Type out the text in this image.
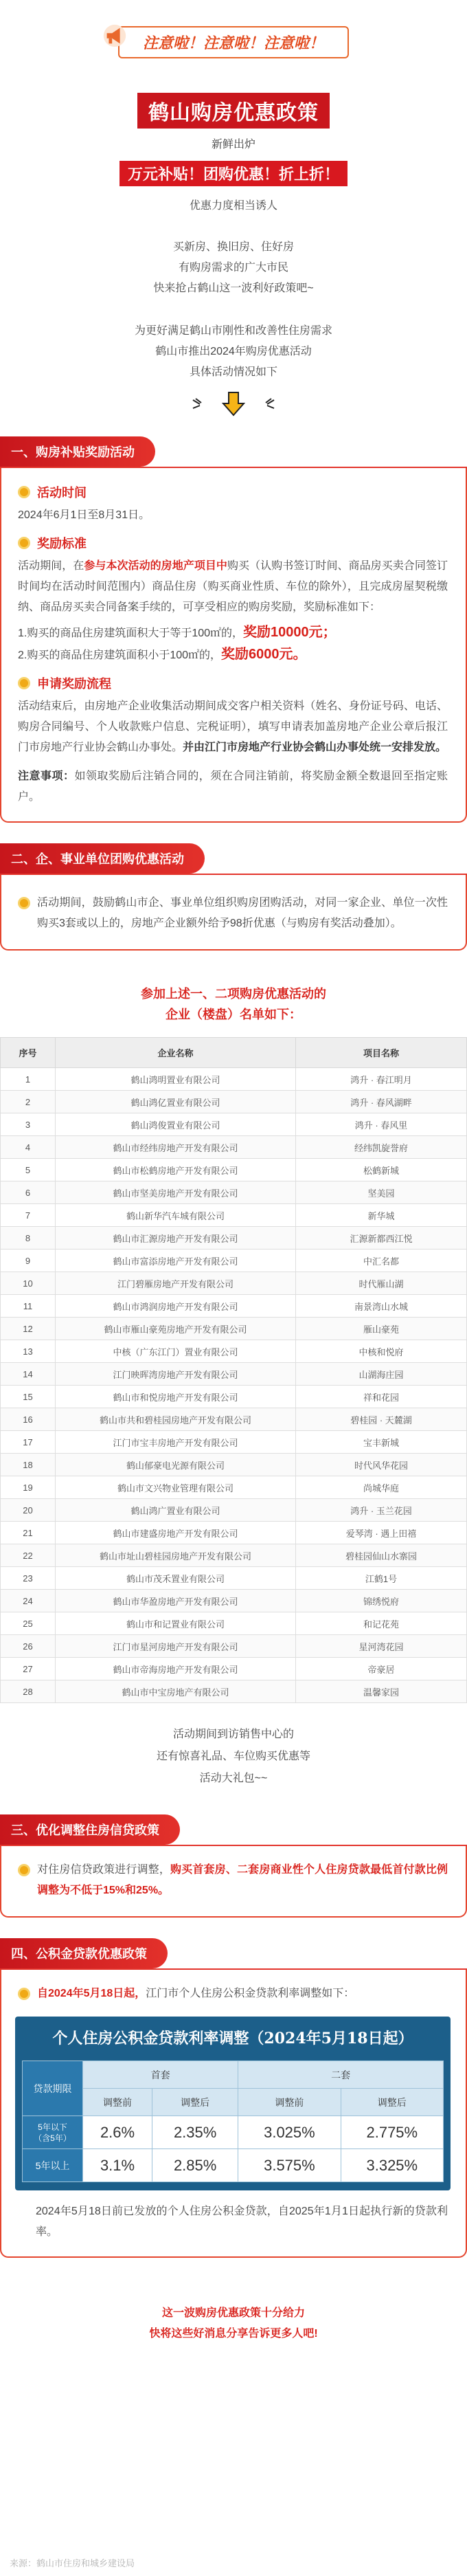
注意啦！注意啦！注意啦！
鹤山购房优惠政策
新鲜出炉
万元补贴！团购优惠！折上折！
优惠力度相当诱人
买新房、换旧房、住好房
有购房需求的广大市民
快来抢占鹤山这一波利好政策吧~
为更好满足鹤山市刚性和改善性住房需求
鹤山市推出2024年购房优惠活动
具体活动情况如下
一、购房补贴奖励活动
活动时间
2024年6月1日至8月31日。
奖励标准
活动期间，在参与本次活动的房地产项目中购买（认购书签订时间、商品房买卖合同签订时间均在活动时间范围内）商品住房（购买商业性质、车位的除外），且完成房屋契税缴纳、商品房买卖合同备案手续的，可享受相应的购房奖励，奖励标准如下：
1.购买的商品住房建筑面积大于等于100㎡的，奖励10000元；
2.购买的商品住房建筑面积小于100㎡的，奖励6000元。
申请奖励流程
活动结束后，由房地产企业收集活动期间成交客户相关资料（姓名、身份证号码、电话、购房合同编号、个人收款账户信息、完税证明），填写申请表加盖房地产企业公章后报江门市房地产行业协会鹤山办事处。并由江门市房地产行业协会鹤山办事处统一安排发放。
注意事项：如领取奖励后注销合同的，须在合同注销前，将奖励金额全数退回至指定账户。
二、企、事业单位团购优惠活动
活动期间，鼓励鹤山市企、事业单位组织购房团购活动，对同一家企业、单位一次性购买3套或以上的，房地产企业额外给予98折优惠（与购房有奖活动叠加）。
参加上述一、二项购房优惠活动的
企业（楼盘）名单如下：
序号	企业名称	项目名称
1	鹤山鸿明置业有限公司	鸿升 · 春江明月
2	鹤山鸿亿置业有限公司	鸿升 · 春风湖畔
3	鹤山鸿俊置业有限公司	鸿升 · 春风里
4	鹤山市经纬房地产开发有限公司	经纬凯旋誉府
5	鹤山市松鹤房地产开发有限公司	松鹤新城
6	鹤山市坚美房地产开发有限公司	坚美园
7	鹤山新华汽车城有限公司	新华城
8	鹤山市汇源房地产开发有限公司	汇源新都西江悦
9	鹤山市富添房地产开发有限公司	中汇名都
10	江门碧雁房地产开发有限公司	时代雁山湖
11	鹤山市鸿润房地产开发有限公司	南景湾山水城
12	鹤山市雁山豪苑房地产开发有限公司	雁山豪苑
13	中核（广东江门）置业有限公司	中核和悦府
14	江门映晖湾房地产开发有限公司	山湖海庄园
15	鹤山市和悦房地产开发有限公司	祥和花园
16	鹤山市共和碧桂园房地产开发有限公司	碧桂园 · 天麓湖
17	江门市宝丰房地产开发有限公司	宝丰新城
18	鹤山郁豪电光源有限公司	时代风华花园
19	鹤山市文兴物业管理有限公司	尚城华庭
20	鹤山鸿广置业有限公司	鸿升 · 玉兰花园
21	鹤山市建盛房地产开发有限公司	爱琴湾 · 遇上田禧
22	鹤山市址山碧桂园房地产开发有限公司	碧桂园仙山水寨园
23	鹤山市茂禾置业有限公司	江鹤1号
24	鹤山市华盈房地产开发有限公司	锦绣悦府
25	鹤山市和记置业有限公司	和记花苑
26	江门市星河房地产开发有限公司	星河湾花园
27	鹤山市帝海房地产开发有限公司	帝豪居
28	鹤山市中宝房地产有限公司	温馨家园
活动期间到访销售中心的
还有惊喜礼品、车位购买优惠等
活动大礼包~~
三、优化调整住房信贷政策
对住房信贷政策进行调整，购买首套房、二套房商业性个人住房贷款最低首付款比例调整为不低于15%和25%。
四、公积金贷款优惠政策
自2024年5月18日起，江门市个人住房公积金贷款利率调整如下：
个人住房公积金贷款利率调整（2024年5月18日起）
贷款期限	首套		二套	
	调整前	调整后	调整前	调整后
5年以下
（含5年）	2.6%	2.35%	3.025%	2.775%
5年以上	3.1%	2.85%	3.575%	3.325%
2024年5月18日前已发放的个人住房公积金贷款，自2025年1月1日起执行新的贷款利率。
这一波购房优惠政策十分给力
快将这些好消息分享告诉更多人吧!
来源：鹤山市住房和城乡建设局
